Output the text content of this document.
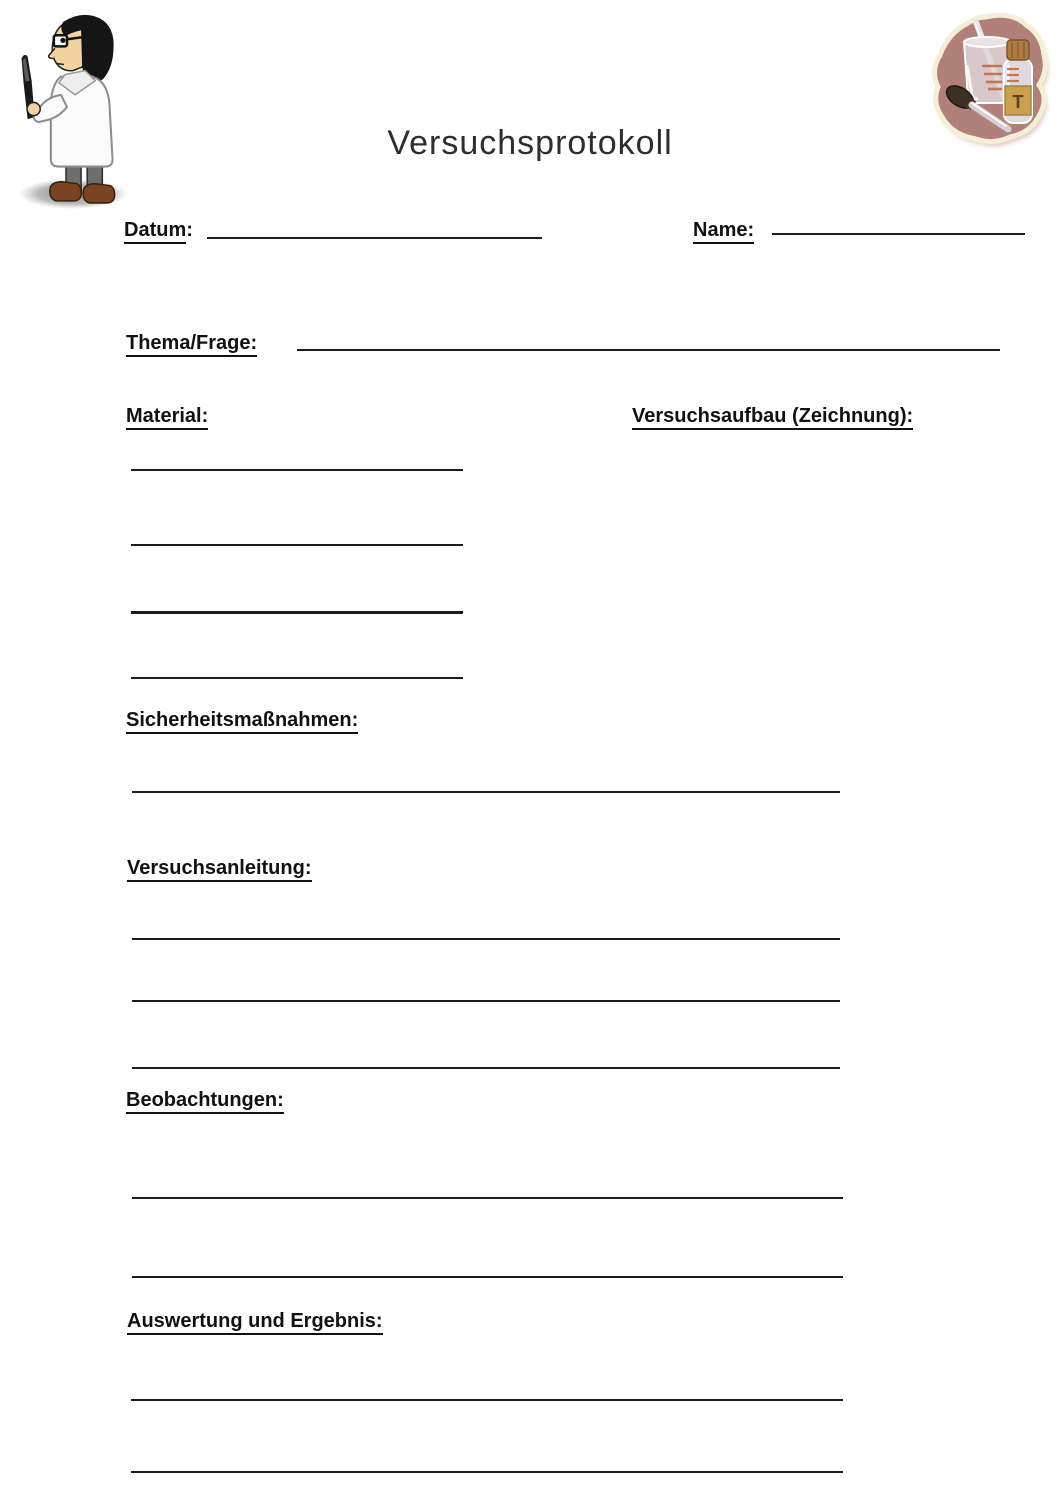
T
Versuchsprotokoll
Datum:	Name:
Thema/Frage:
Material:	Versuchsaufbau (Zeichnung):
Sicherheitsmaßnahmen:
Versuchsanleitung:
Beobachtungen:
Auswertung und Ergebnis:
